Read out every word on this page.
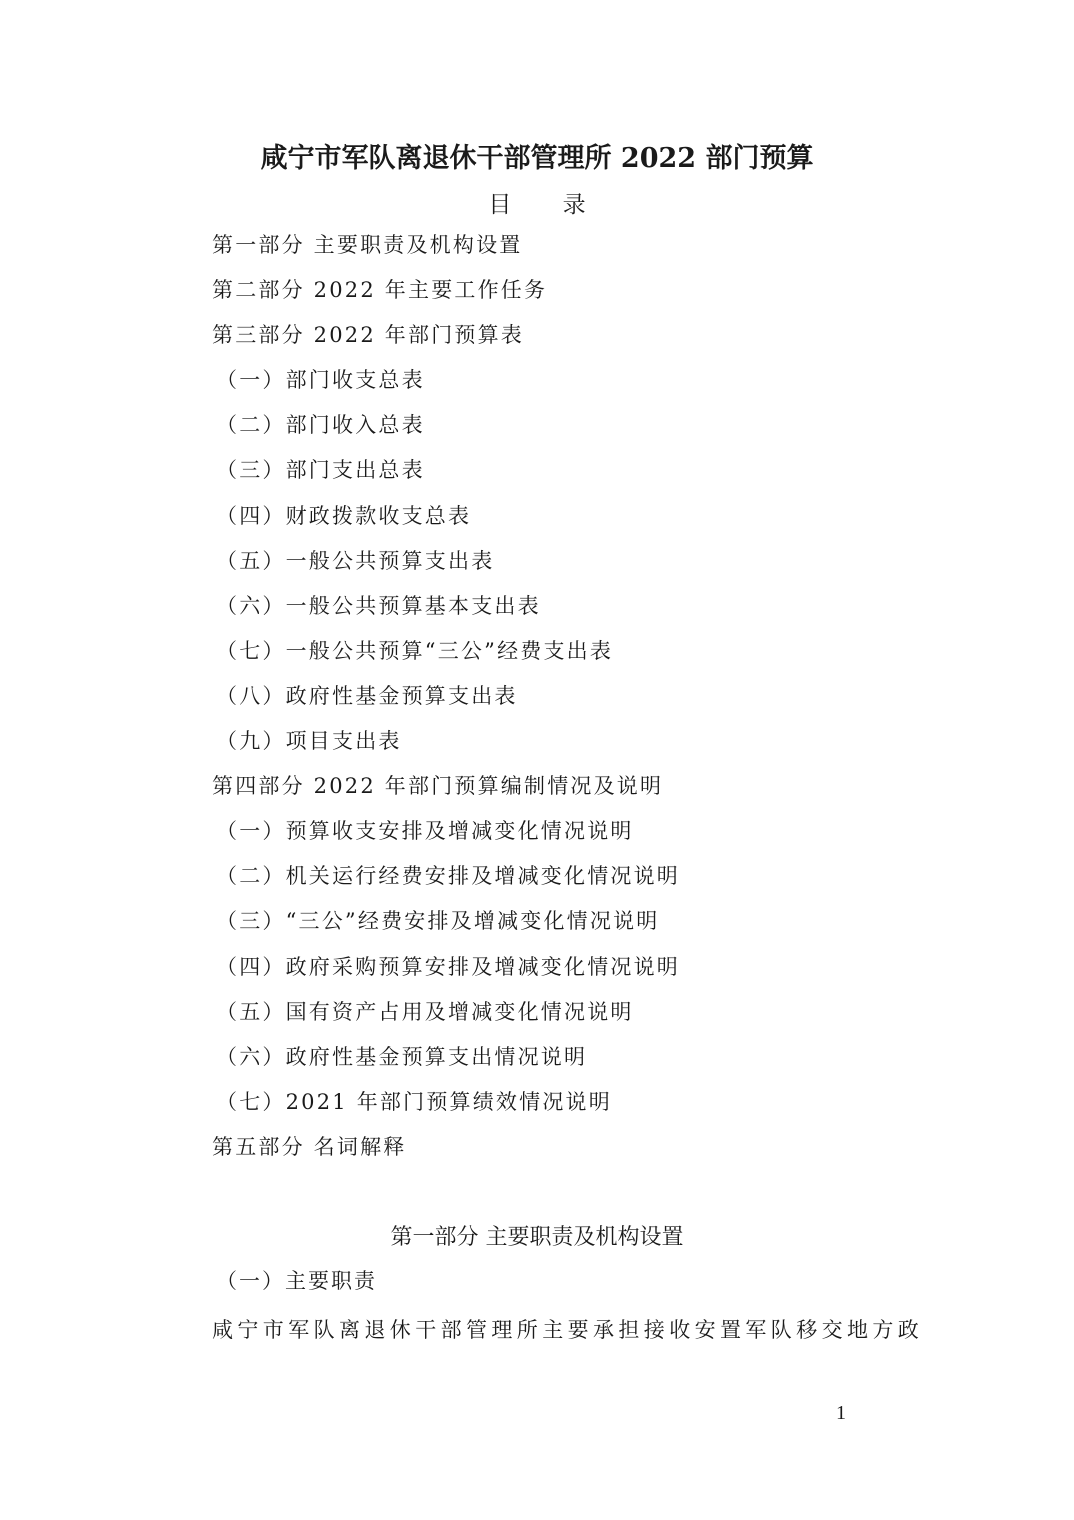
咸宁市军队离退休干部管理所 2022 部门预算
目 录
第一部分 主要职责及机构设置
第二部分 2022 年主要工作任务
第三部分 2022 年部门预算表
（一）部门收支总表
（二）部门收入总表
（三）部门支出总表
（四）财政拨款收支总表
（五）一般公共预算支出表
（六）一般公共预算基本支出表
（七）一般公共预算“三公”经费支出表
（八）政府性基金预算支出表
（九）项目支出表
第四部分 2022 年部门预算编制情况及说明
（一）预算收支安排及增减变化情况说明
（二）机关运行经费安排及增减变化情况说明
（三）“三公”经费安排及增减变化情况说明
（四）政府采购预算安排及增减变化情况说明
（五）国有资产占用及增减变化情况说明
（六）政府性基金预算支出情况说明
（七）2021 年部门预算绩效情况说明
第五部分 名词解释
第一部分 主要职责及机构设置
（一）主要职责
咸宁市军队离退休干部管理所主要承担接收安置军队移交地方政
1
